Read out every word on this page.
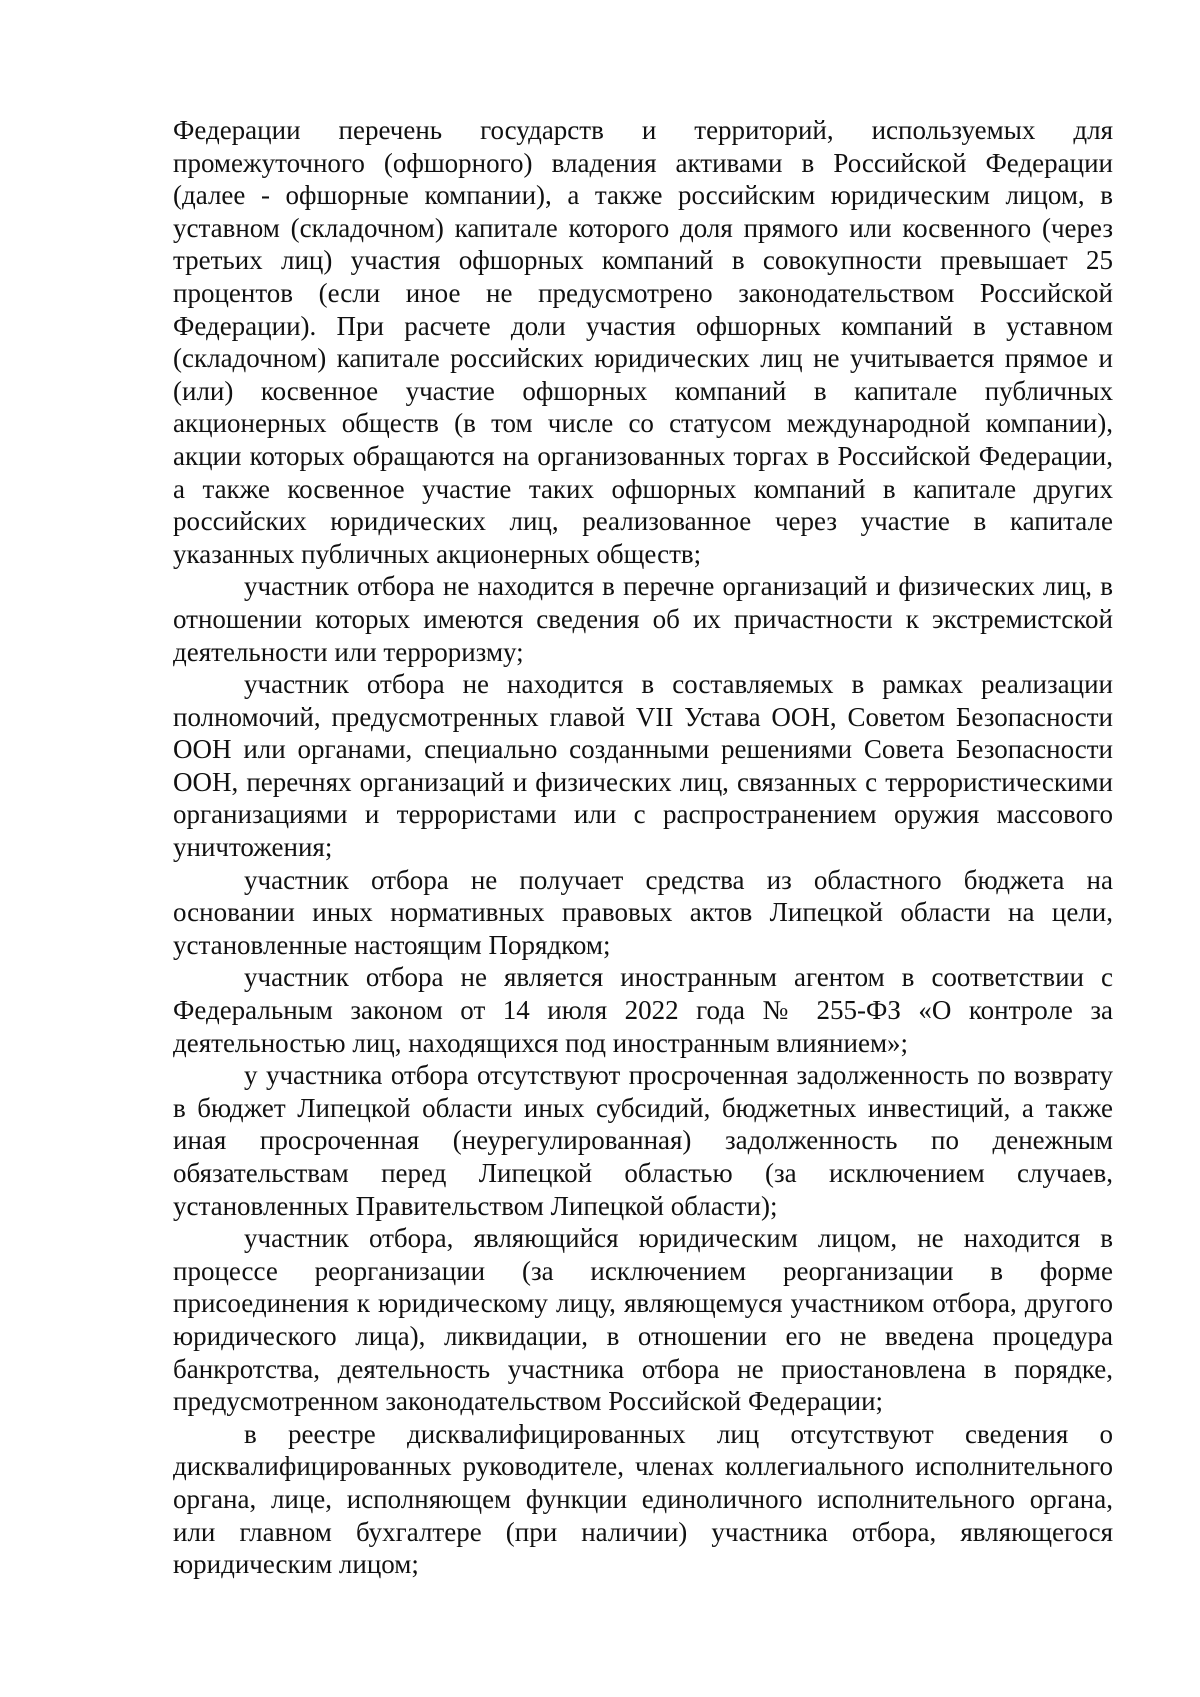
Федерации перечень государств и территорий, используемых для промежуточного (офшорного) владения активами в Российской Федерации (далее - офшорные компании), а также российским юридическим лицом, в уставном (складочном) капитале которого доля прямого или косвенного (через третьих лиц) участия офшорных компаний в совокупности превышает 25 процентов (если иное не предусмотрено законодательством Российской Федерации). При расчете доли участия офшорных компаний в уставном (складочном) капитале российских юридических лиц не учитывается прямое и (или) косвенное участие офшорных компаний в капитале публичных акционерных обществ (в том числе со статусом международной компании), акции которых обращаются на организованных торгах в Российской Федерации, а также косвенное участие таких офшорных компаний в капитале других российских юридических лиц, реализованное через участие в капитале указанных публичных акционерных обществ;

участник отбора не находится в перечне организаций и физических лиц, в отношении которых имеются сведения об их причастности к экстремистской деятельности или терроризму;

участник отбора не находится в составляемых в рамках реализации полномочий, предусмотренных главой VII Устава ООН, Советом Безопасности ООН или органами, специально созданными решениями Совета Безопасности ООН, перечнях организаций и физических лиц, связанных с террористическими организациями и террористами или с распространением оружия массового уничтожения;

участник отбора не получает средства из областного бюджета на основании иных нормативных правовых актов Липецкой области на цели, установленные настоящим Порядком;

участник отбора не является иностранным агентом в соответствии с Федеральным законом от 14 июля 2022 года № 255-ФЗ «О контроле за деятельностью лиц, находящихся под иностранным влиянием»;

у участника отбора отсутствуют просроченная задолженность по возврату в бюджет Липецкой области иных субсидий, бюджетных инвестиций, а также иная просроченная (неурегулированная) задолженность по денежным обязательствам перед Липецкой областью (за исключением случаев, установленных Правительством Липецкой области);

участник отбора, являющийся юридическим лицом, не находится в процессе реорганизации (за исключением реорганизации в форме присоединения к юридическому лицу, являющемуся участником отбора, другого юридического лица), ликвидации, в отношении его не введена процедура банкротства, деятельность участника отбора не приостановлена в порядке, предусмотренном законодательством Российской Федерации;

в реестре дисквалифицированных лиц отсутствуют сведения о дисквалифицированных руководителе, членах коллегиального исполнительного органа, лице, исполняющем функции единоличного исполнительного органа, или главном бухгалтере (при наличии) участника отбора, являющегося юридическим лицом;
